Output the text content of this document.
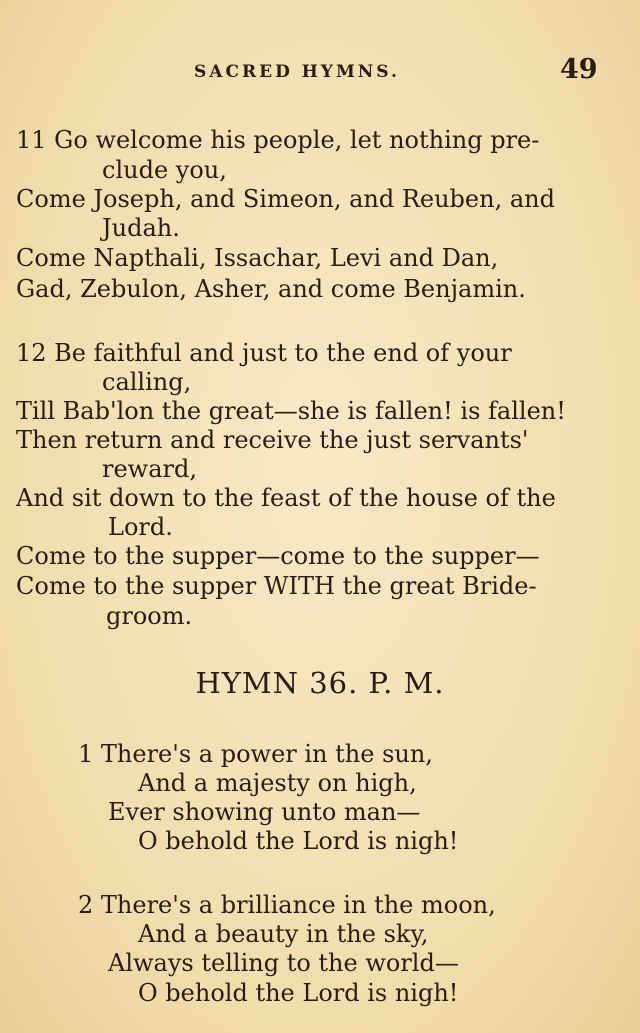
SACRED HYMNS.	49
11 Go welcome his people, let nothing pre-
clude you,
Come Joseph, and Simeon, and Reuben, and
Judah.
Come Napthali, Issachar, Levi and Dan,
Gad, Zebulon, Asher, and come Benjamin.
12 Be faithful and just to the end of your
calling,
Till Bab'lon the great—she is fallen! is fallen!
Then return and receive the just servants'
reward,
And sit down to the feast of the house of the
Lord.
Come to the supper—come to the supper—
Come to the supper WITH the great Bride-
groom.
HYMN 36. P. M.
1 There's a power in the sun,
And a majesty on high,
Ever showing unto man—
O behold the Lord is nigh!
2 There's a brilliance in the moon,
And a beauty in the sky,
Always telling to the world—
O behold the Lord is nigh!
